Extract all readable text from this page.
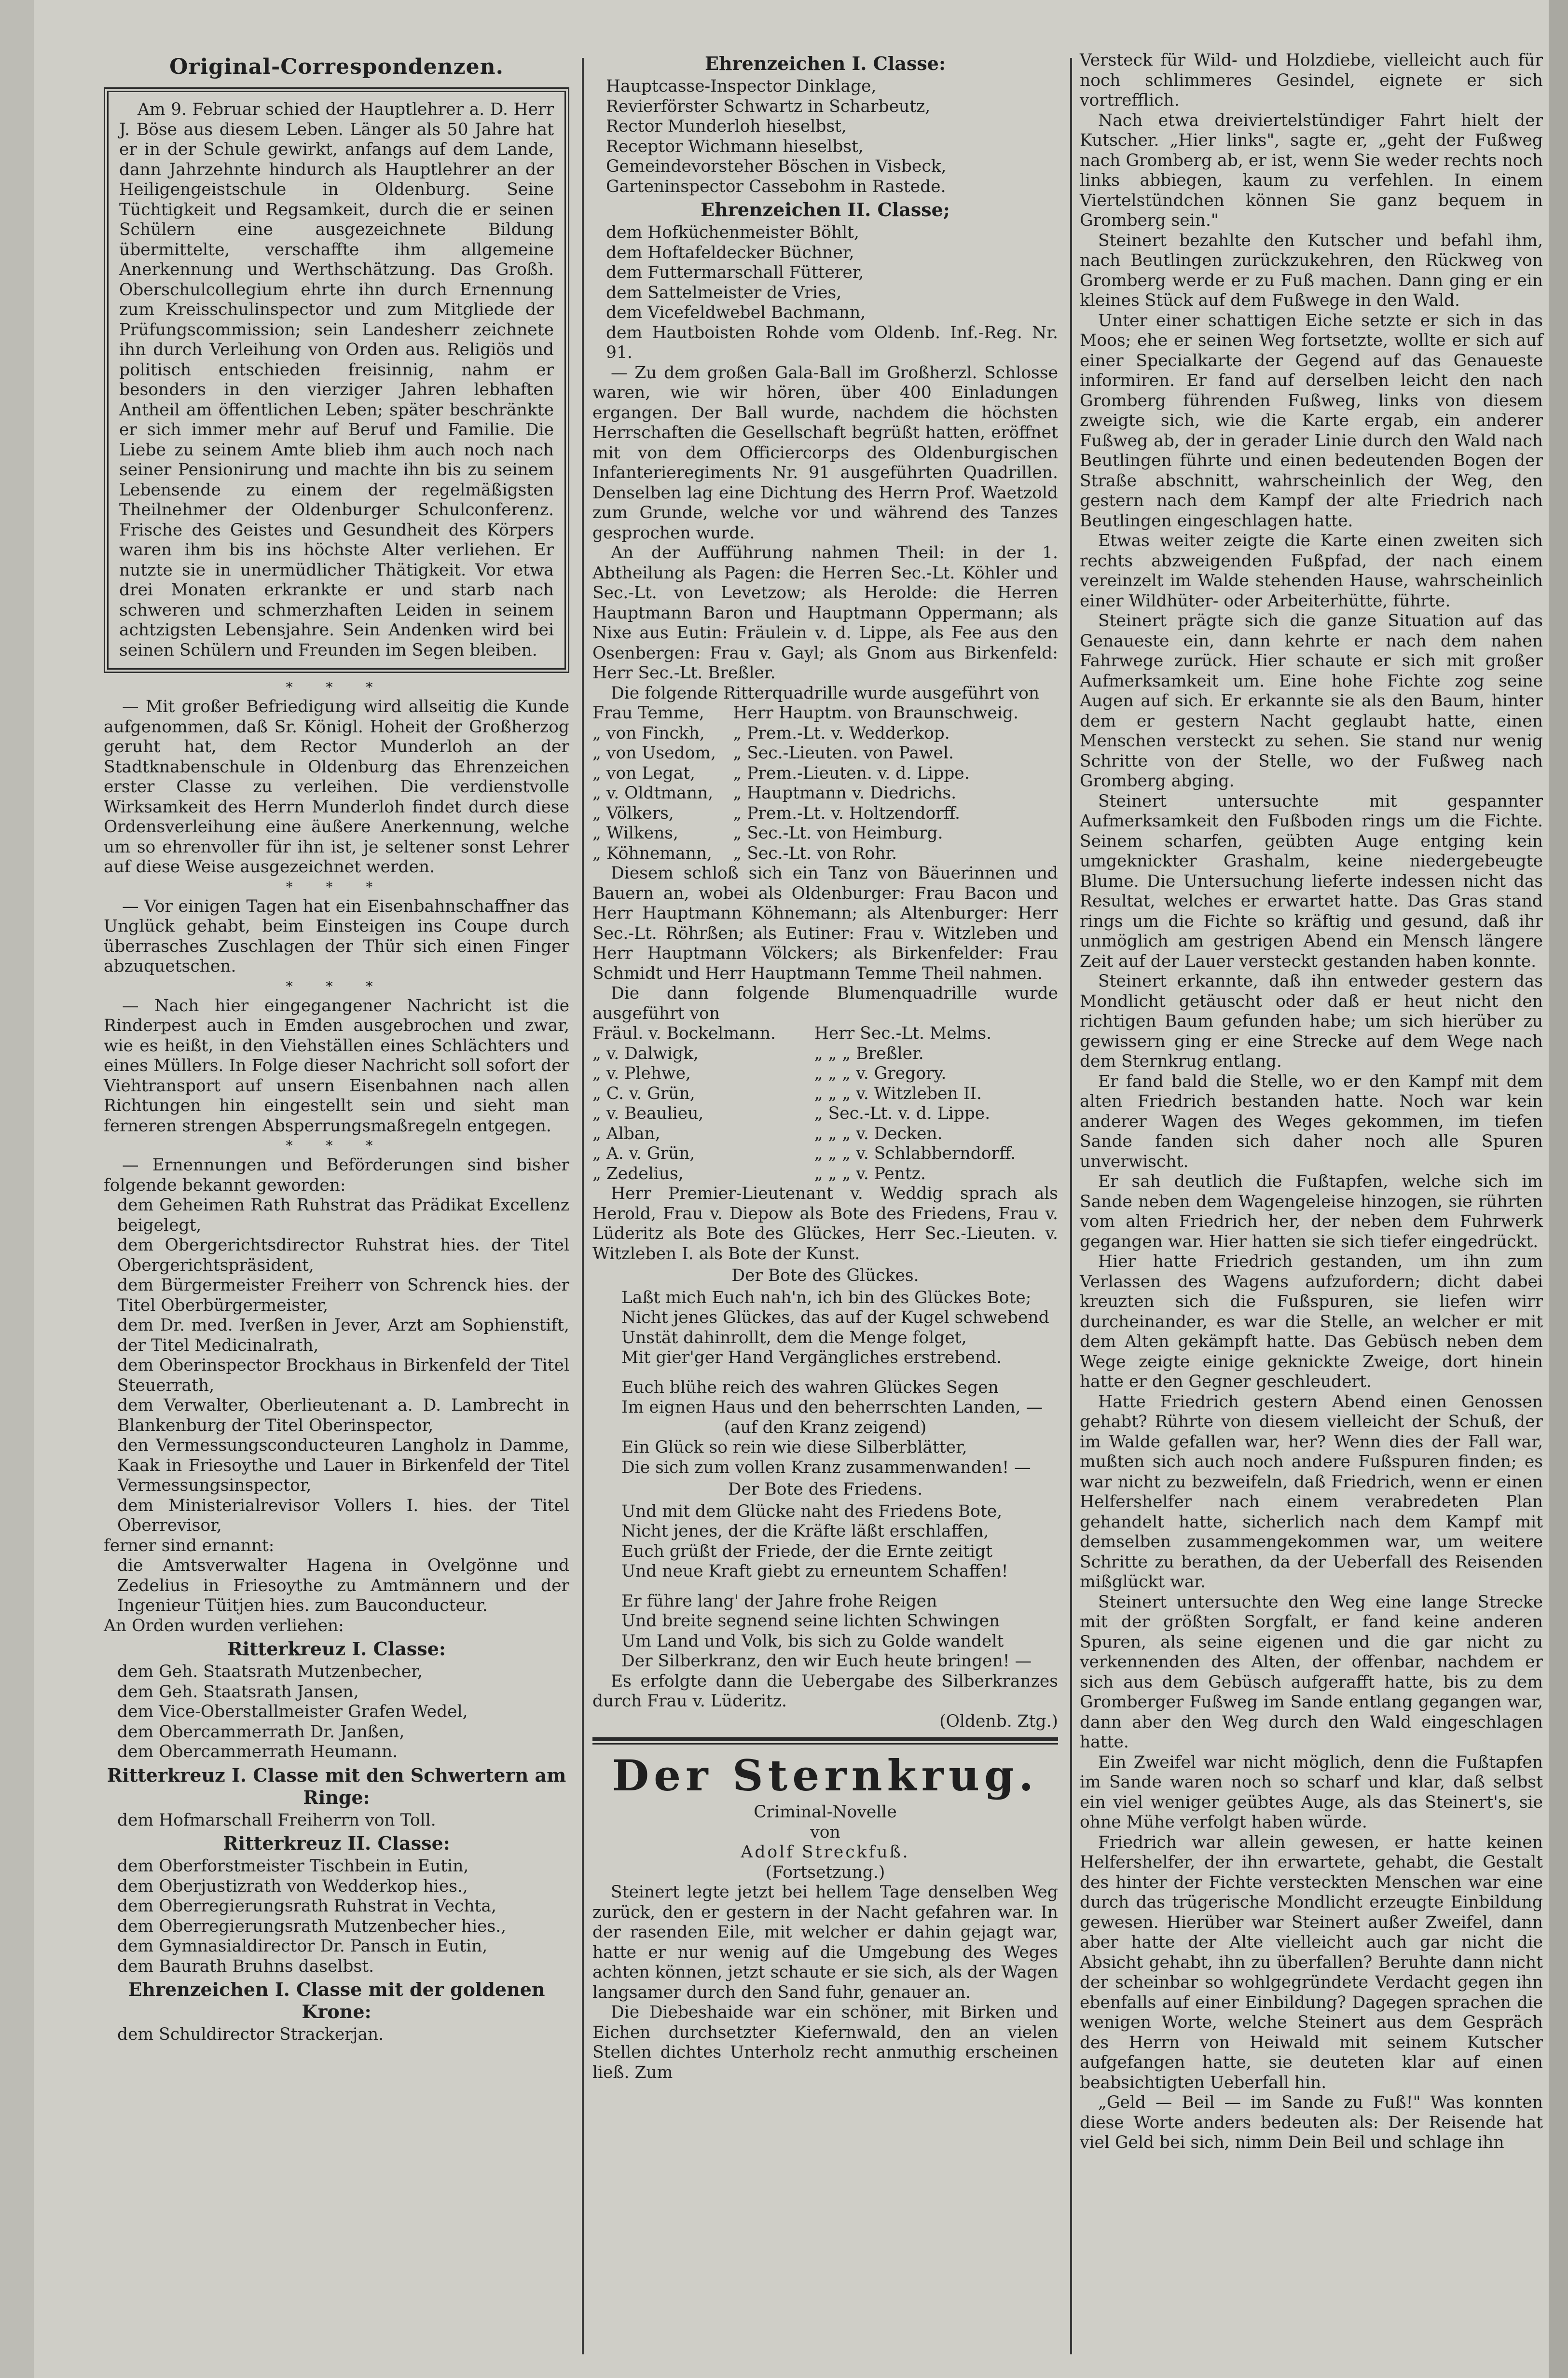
Original-Correspondenzen.

Am 9. Februar schied der Hauptlehrer a. D. Herr J. Böse aus diesem Leben. Länger als 50 Jahre hat er in der Schule gewirkt, anfangs auf dem Lande, dann Jahrzehnte hindurch als Hauptlehrer an der Heiligengeistschule in Oldenburg. Seine Tüchtigkeit und Regsamkeit, durch die er seinen Schülern eine ausgezeichnete Bildung übermittelte, verschaffte ihm allgemeine Anerkennung und Werthschätzung. Das Großh. Oberschulcollegium ehrte ihn durch Ernennung zum Kreisschulinspector und zum Mitgliede der Prüfungscommission; sein Landesherr zeichnete ihn durch Verleihung von Orden aus. Religiös und politisch entschieden freisinnig, nahm er besonders in den vierziger Jahren lebhaften Antheil am öffentlichen Leben; später beschränkte er sich immer mehr auf Beruf und Familie. Die Liebe zu seinem Amte blieb ihm auch noch nach seiner Pensionirung und machte ihn bis zu seinem Lebensende zu einem der regelmäßigsten Theilnehmer der Oldenburger Schulconferenz. Frische des Geistes und Gesundheit des Körpers waren ihm bis ins höchste Alter verliehen. Er nutzte sie in unermüdlicher Thätigkeit. Vor etwa drei Monaten erkrankte er und starb nach schweren und schmerzhaften Leiden in seinem achtzigsten Lebensjahre. Sein Andenken wird bei seinen Schülern und Freunden im Segen bleiben.

* * *

— Mit großer Befriedigung wird allseitig die Kunde aufgenommen, daß Sr. Königl. Hoheit der Großherzog geruht hat, dem Rector Munderloh an der Stadtknabenschule in Oldenburg das Ehrenzeichen erster Classe zu verleihen. Die verdienstvolle Wirksamkeit des Herrn Munderloh findet durch diese Ordensverleihung eine äußere Anerkennung, welche um so ehrenvoller für ihn ist, je seltener sonst Lehrer auf diese Weise ausgezeichnet werden.

* * *

— Vor einigen Tagen hat ein Eisenbahnschaffner das Unglück gehabt, beim Einsteigen ins Coupe durch überrasches Zuschlagen der Thür sich einen Finger abzuquetschen.

* * *

— Nach hier eingegangener Nachricht ist die Rinderpest auch in Emden ausgebrochen und zwar, wie es heißt, in den Viehställen eines Schlächters und eines Müllers. In Folge dieser Nachricht soll sofort der Viehtransport auf unsern Eisenbahnen nach allen Richtungen hin eingestellt sein und sieht man ferneren strengen Absperrungsmaßregeln entgegen.

* * *

— Ernennungen und Beförderungen sind bisher folgende bekannt geworden:

dem Geheimen Rath Ruhstrat das Prädikat Excellenz beigelegt,

dem Obergerichtsdirector Ruhstrat hies. der Titel Obergerichtspräsident,

dem Bürgermeister Freiherr von Schrenck hies. der Titel Oberbürgermeister,

dem Dr. med. Iverßen in Jever, Arzt am Sophienstift, der Titel Medicinalrath,

dem Oberinspector Brockhaus in Birkenfeld der Titel Steuerrath,

dem Verwalter, Oberlieutenant a. D. Lambrecht in Blankenburg der Titel Oberinspector,

den Vermessungsconducteuren Langholz in Damme, Kaak in Friesoythe und Lauer in Birkenfeld der Titel Vermessungsinspector,

dem Ministerialrevisor Vollers I. hies. der Titel Oberrevisor,

ferner sind ernannt:

die Amtsverwalter Hagena in Ovelgönne und Zedelius in Friesoythe zu Amtmännern und der Ingenieur Tüitjen hies. zum Bauconducteur.

An Orden wurden verliehen:

Ritterkreuz I. Classe:

dem Geh. Staatsrath Mutzenbecher,

dem Geh. Staatsrath Jansen,

dem Vice-Oberstallmeister Grafen Wedel,

dem Obercammerrath Dr. Janßen,

dem Obercammerrath Heumann.

Ritterkreuz I. Classe mit den Schwertern am Ringe:

dem Hofmarschall Freiherrn von Toll.

Ritterkreuz II. Classe:

dem Oberforstmeister Tischbein in Eutin,

dem Oberjustizrath von Wedderkop hies.,

dem Oberregierungsrath Ruhstrat in Vechta,

dem Oberregierungsrath Mutzenbecher hies.,

dem Gymnasialdirector Dr. Pansch in Eutin,

dem Baurath Bruhns daselbst.

Ehrenzeichen I. Classe mit der goldenen Krone:

dem Schuldirector Strackerjan.

Ehrenzeichen I. Classe:

Hauptcasse-Inspector Dinklage,

Revierförster Schwartz in Scharbeutz,

Rector Munderloh hieselbst,

Receptor Wichmann hieselbst,

Gemeindevorsteher Böschen in Visbeck,

Garteninspector Cassebohm in Rastede.

Ehrenzeichen II. Classe;

dem Hofküchenmeister Böhlt,

dem Hoftafeldecker Büchner,

dem Futtermarschall Fütterer,

dem Sattelmeister de Vries,

dem Vicefeldwebel Bachmann,

dem Hautboisten Rohde vom Oldenb. Inf.-Reg. Nr. 91.

— Zu dem großen Gala-Ball im Großherzl. Schlosse waren, wie wir hören, über 400 Einladungen ergangen. Der Ball wurde, nachdem die höchsten Herrschaften die Gesellschaft begrüßt hatten, eröffnet mit von dem Officiercorps des Oldenburgischen Infanterieregiments Nr. 91 ausgeführten Quadrillen. Denselben lag eine Dichtung des Herrn Prof. Waetzold zum Grunde, welche vor und während des Tanzes gesprochen wurde.

An der Aufführung nahmen Theil: in der 1. Abtheilung als Pagen: die Herren Sec.-Lt. Köhler und Sec.-Lt. von Levetzow; als Herolde: die Herren Hauptmann Baron und Hauptmann Oppermann; als Nixe aus Eutin: Fräulein v. d. Lippe, als Fee aus den Osenbergen: Frau v. Gayl; als Gnom aus Birkenfeld: Herr Sec.-Lt. Breßler.

Die folgende Ritterquadrille wurde ausgeführt von

Frau Temme,	Herr Hauptm. von Braunschweig.
„ von Finckh,	„ Prem.-Lt. v. Wedderkop.
„ von Usedom,	„ Sec.-Lieuten. von Pawel.
„ von Legat,	„ Prem.-Lieuten. v. d. Lippe.
„ v. Oldtmann,	„ Hauptmann v. Diedrichs.
„ Völkers,	„ Prem.-Lt. v. Holtzendorff.
„ Wilkens,	„ Sec.-Lt. von Heimburg.
„ Köhnemann,	„ Sec.-Lt. von Rohr.

Diesem schloß sich ein Tanz von Bäuerinnen und Bauern an, wobei als Oldenburger: Frau Bacon und Herr Hauptmann Köhnemann; als Altenburger: Herr Sec.-Lt. Röhrßen; als Eutiner: Frau v. Witzleben und Herr Hauptmann Völckers; als Birkenfelder: Frau Schmidt und Herr Hauptmann Temme Theil nahmen.

Die dann folgende Blumenquadrille wurde ausgeführt von

Fräul. v. Bockelmann.	Herr Sec.-Lt. Melms.
„ v. Dalwigk,	„ „ „ Breßler.
„ v. Plehwe,	„ „ „ v. Gregory.
„ C. v. Grün,	„ „ „ v. Witzleben II.
„ v. Beaulieu,	„ Sec.-Lt. v. d. Lippe.
„ Alban,	„ „ „ v. Decken.
„ A. v. Grün,	„ „ „ v. Schlabberndorff.
„ Zedelius,	„ „ „ v. Pentz.

Herr Premier-Lieutenant v. Weddig sprach als Herold, Frau v. Diepow als Bote des Friedens, Frau v. Lüderitz als Bote des Glückes, Herr Sec.-Lieuten. v. Witzleben I. als Bote der Kunst.

Der Bote des Glückes.

Laßt mich Euch nah'n, ich bin des Glückes Bote;

Nicht jenes Glückes, das auf der Kugel schwebend

Unstät dahinrollt, dem die Menge folget,

Mit gier'ger Hand Vergängliches erstrebend.

Euch blühe reich des wahren Glückes Segen

Im eignen Haus und den beherrschten Landen, —

(auf den Kranz zeigend)

Ein Glück so rein wie diese Silberblätter,

Die sich zum vollen Kranz zusammenwanden! —

Der Bote des Friedens.

Und mit dem Glücke naht des Friedens Bote,

Nicht jenes, der die Kräfte läßt erschlaffen,

Euch grüßt der Friede, der die Ernte zeitigt

Und neue Kraft giebt zu erneuntem Schaffen!

Er führe lang' der Jahre frohe Reigen

Und breite segnend seine lichten Schwingen

Um Land und Volk, bis sich zu Golde wandelt

Der Silberkranz, den wir Euch heute bringen! —

Es erfolgte dann die Uebergabe des Silberkranzes durch Frau v. Lüderitz.

(Oldenb. Ztg.)

Der Sternkrug.

Criminal-Novelle

von

Adolf Streckfuß.

(Fortsetzung.)

Steinert legte jetzt bei hellem Tage denselben Weg zurück, den er gestern in der Nacht gefahren war. In der rasenden Eile, mit welcher er dahin gejagt war, hatte er nur wenig auf die Umgebung des Weges achten können, jetzt schaute er sie sich, als der Wagen langsamer durch den Sand fuhr, genauer an.

Die Diebeshaide war ein schöner, mit Birken und Eichen durchsetzter Kiefernwald, den an vielen Stellen dichtes Unterholz recht anmuthig erscheinen ließ. Zum

Versteck für Wild- und Holzdiebe, vielleicht auch für noch schlimmeres Gesindel, eignete er sich vortrefflich.

Nach etwa dreiviertelstündiger Fahrt hielt der Kutscher. „Hier links", sagte er, „geht der Fußweg nach Gromberg ab, er ist, wenn Sie weder rechts noch links abbiegen, kaum zu verfehlen. In einem Viertelstündchen können Sie ganz bequem in Gromberg sein."

Steinert bezahlte den Kutscher und befahl ihm, nach Beutlingen zurückzukehren, den Rückweg von Gromberg werde er zu Fuß machen. Dann ging er ein kleines Stück auf dem Fußwege in den Wald.

Unter einer schattigen Eiche setzte er sich in das Moos; ehe er seinen Weg fortsetzte, wollte er sich auf einer Specialkarte der Gegend auf das Genaueste informiren. Er fand auf derselben leicht den nach Gromberg führenden Fußweg, links von diesem zweigte sich, wie die Karte ergab, ein anderer Fußweg ab, der in gerader Linie durch den Wald nach Beutlingen führte und einen bedeutenden Bogen der Straße abschnitt, wahrscheinlich der Weg, den gestern nach dem Kampf der alte Friedrich nach Beutlingen eingeschlagen hatte.

Etwas weiter zeigte die Karte einen zweiten sich rechts abzweigenden Fußpfad, der nach einem vereinzelt im Walde stehenden Hause, wahrscheinlich einer Wildhüter- oder Arbeiterhütte, führte.

Steinert prägte sich die ganze Situation auf das Genaueste ein, dann kehrte er nach dem nahen Fahrwege zurück. Hier schaute er sich mit großer Aufmerksamkeit um. Eine hohe Fichte zog seine Augen auf sich. Er erkannte sie als den Baum, hinter dem er gestern Nacht geglaubt hatte, einen Menschen versteckt zu sehen. Sie stand nur wenig Schritte von der Stelle, wo der Fußweg nach Gromberg abging.

Steinert untersuchte mit gespannter Aufmerksamkeit den Fußboden rings um die Fichte. Seinem scharfen, geübten Auge entging kein umgeknickter Grashalm, keine niedergebeugte Blume. Die Untersuchung lieferte indessen nicht das Resultat, welches er erwartet hatte. Das Gras stand rings um die Fichte so kräftig und gesund, daß ihr unmöglich am gestrigen Abend ein Mensch längere Zeit auf der Lauer versteckt gestanden haben konnte.

Steinert erkannte, daß ihn entweder gestern das Mondlicht getäuscht oder daß er heut nicht den richtigen Baum gefunden habe; um sich hierüber zu gewissern ging er eine Strecke auf dem Wege nach dem Sternkrug entlang.

Er fand bald die Stelle, wo er den Kampf mit dem alten Friedrich bestanden hatte. Noch war kein anderer Wagen des Weges gekommen, im tiefen Sande fanden sich daher noch alle Spuren unverwischt.

Er sah deutlich die Fußtapfen, welche sich im Sande neben dem Wagengeleise hinzogen, sie rührten vom alten Friedrich her, der neben dem Fuhrwerk gegangen war. Hier hatten sie sich tiefer eingedrückt.

Hier hatte Friedrich gestanden, um ihn zum Verlassen des Wagens aufzufordern; dicht dabei kreuzten sich die Fußspuren, sie liefen wirr durcheinander, es war die Stelle, an welcher er mit dem Alten gekämpft hatte. Das Gebüsch neben dem Wege zeigte einige geknickte Zweige, dort hinein hatte er den Gegner geschleudert.

Hatte Friedrich gestern Abend einen Genossen gehabt? Rührte von diesem vielleicht der Schuß, der im Walde gefallen war, her? Wenn dies der Fall war, mußten sich auch noch andere Fußspuren finden; es war nicht zu bezweifeln, daß Friedrich, wenn er einen Helfershelfer nach einem verabredeten Plan gehandelt hatte, sicherlich nach dem Kampf mit demselben zusammengekommen war, um weitere Schritte zu berathen, da der Ueberfall des Reisenden mißglückt war.

Steinert untersuchte den Weg eine lange Strecke mit der größten Sorgfalt, er fand keine anderen Spuren, als seine eigenen und die gar nicht zu verkennenden des Alten, der offenbar, nachdem er sich aus dem Gebüsch aufgerafft hatte, bis zu dem Gromberger Fußweg im Sande entlang gegangen war, dann aber den Weg durch den Wald eingeschlagen hatte.

Ein Zweifel war nicht möglich, denn die Fußtapfen im Sande waren noch so scharf und klar, daß selbst ein viel weniger geübtes Auge, als das Steinert's, sie ohne Mühe verfolgt haben würde.

Friedrich war allein gewesen, er hatte keinen Helfershelfer, der ihn erwartete, gehabt, die Gestalt des hinter der Fichte versteckten Menschen war eine durch das trügerische Mondlicht erzeugte Einbildung gewesen. Hierüber war Steinert außer Zweifel, dann aber hatte der Alte vielleicht auch gar nicht die Absicht gehabt, ihn zu überfallen? Beruhte dann nicht der scheinbar so wohlgegründete Verdacht gegen ihn ebenfalls auf einer Einbildung? Dagegen sprachen die wenigen Worte, welche Steinert aus dem Gespräch des Herrn von Heiwald mit seinem Kutscher aufgefangen hatte, sie deuteten klar auf einen beabsichtigten Ueberfall hin.

„Geld — Beil — im Sande zu Fuß!" Was konnten diese Worte anders bedeuten als: Der Reisende hat viel Geld bei sich, nimm Dein Beil und schlage ihn
